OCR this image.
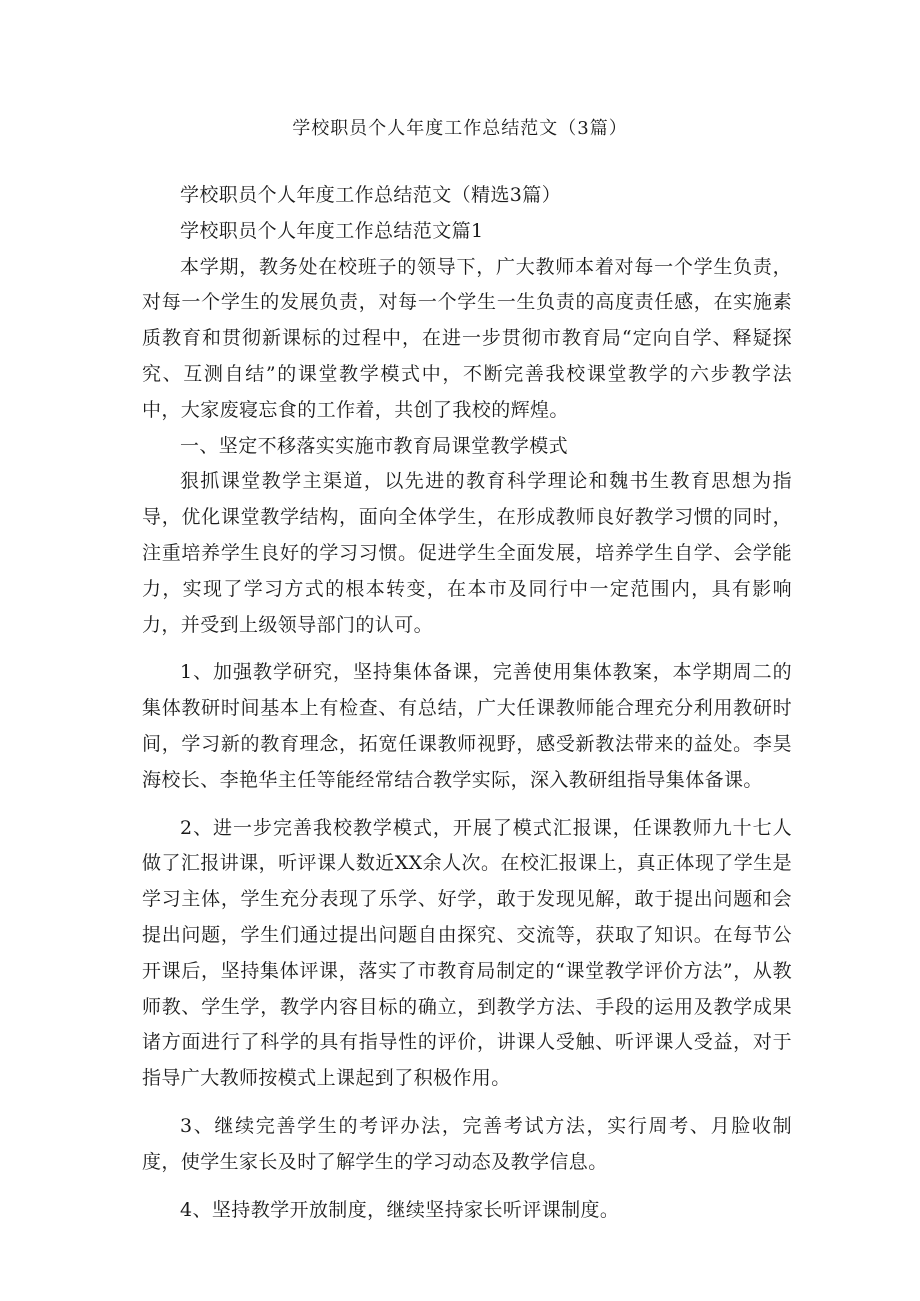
学校职员个人年度工作总结范文（3篇）

学校职员个人年度工作总结范文（精选3篇）

学校职员个人年度工作总结范文篇1

本学期，教务处在校班子的领导下，广大教师本着对每一个学生负责，对每一个学生的发展负责，对每一个学生一生负责的高度责任感，在实施素质教育和贯彻新课标的过程中，在进一步贯彻市教育局“定向自学、释疑探究、互测自结”的课堂教学模式中，不断完善我校课堂教学的六步教学法中，大家废寝忘食的工作着，共创了我校的辉煌。

一、坚定不移落实实施市教育局课堂教学模式

狠抓课堂教学主渠道，以先进的教育科学理论和魏书生教育思想为指导，优化课堂教学结构，面向全体学生，在形成教师良好教学习惯的同时，注重培养学生良好的学习习惯。促进学生全面发展，培养学生自学、会学能力，实现了学习方式的根本转变，在本市及同行中一定范围内，具有影响力，并受到上级领导部门的认可。

1、加强教学研究，坚持集体备课，完善使用集体教案，本学期周二的集体教研时间基本上有检查、有总结，广大任课教师能合理充分利用教研时间，学习新的教育理念，拓宽任课教师视野，感受新教法带来的益处。李昊海校长、李艳华主任等能经常结合教学实际，深入教研组指导集体备课。

2、进一步完善我校教学模式，开展了模式汇报课，任课教师九十七人做了汇报讲课，听评课人数近XX余人次。在校汇报课上，真正体现了学生是学习主体，学生充分表现了乐学、好学，敢于发现见解，敢于提出问题和会提出问题，学生们通过提出问题自由探究、交流等，获取了知识。在每节公开课后，坚持集体评课，落实了市教育局制定的“课堂教学评价方法”，从教师教、学生学，教学内容目标的确立，到教学方法、手段的运用及教学成果诸方面进行了科学的具有指导性的评价，讲课人受触、听评课人受益，对于指导广大教师按模式上课起到了积极作用。

3、继续完善学生的考评办法，完善考试方法，实行周考、月脸收制度，使学生家长及时了解学生的学习动态及教学信息。

4、坚持教学开放制度，继续坚持家长听评课制度。
